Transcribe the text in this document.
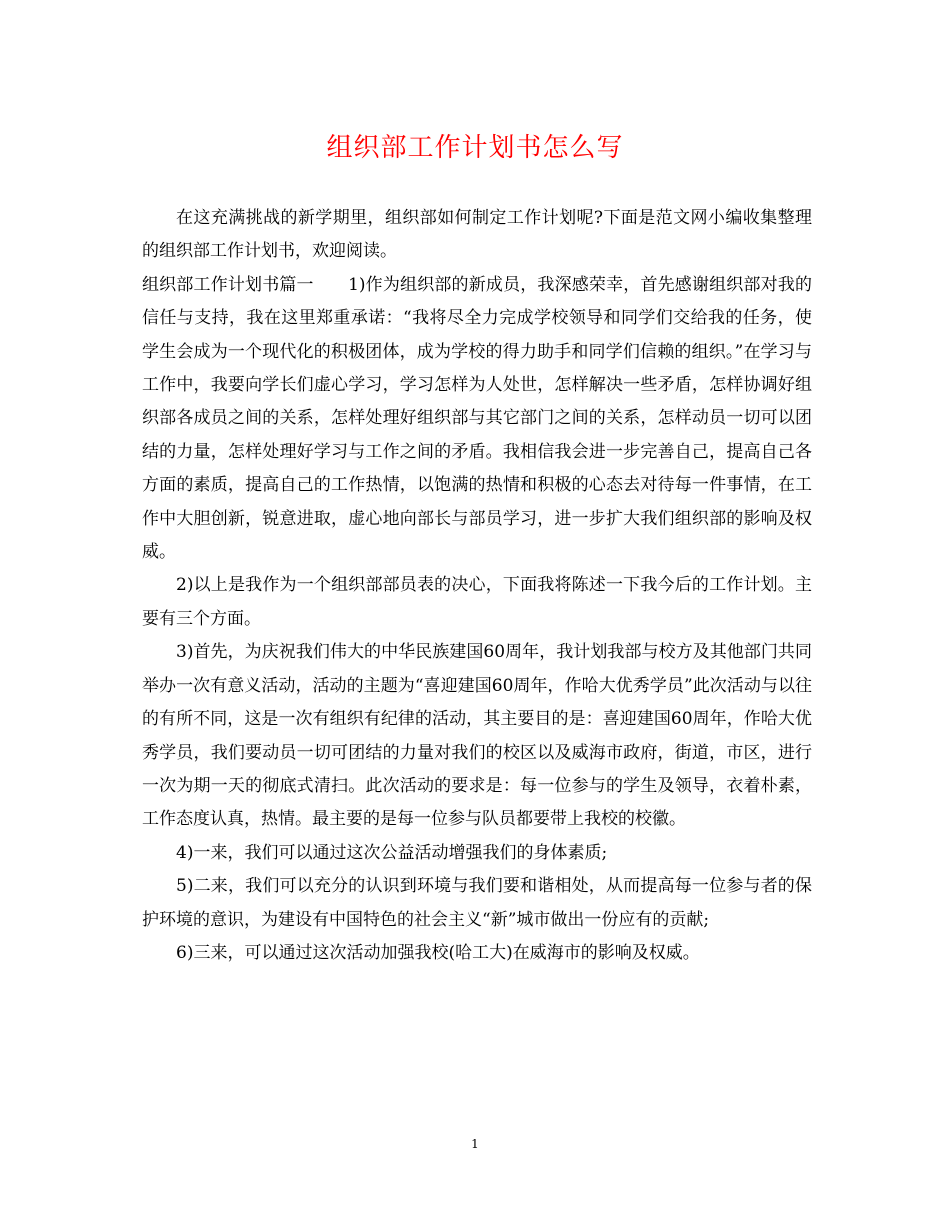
组织部工作计划书怎么写

在这充满挑战的新学期里，组织部如何制定工作计划呢?下面是范文网小编收集整理的组织部工作计划书，欢迎阅读。

组织部工作计划书篇一　　1)作为组织部的新成员，我深感荣幸，首先感谢组织部对我的信任与支持，我在这里郑重承诺：“我将尽全力完成学校领导和同学们交给我的任务，使学生会成为一个现代化的积极团体，成为学校的得力助手和同学们信赖的组织。”在学习与工作中，我要向学长们虚心学习，学习怎样为人处世，怎样解决一些矛盾，怎样协调好组织部各成员之间的关系，怎样处理好组织部与其它部门之间的关系，怎样动员一切可以团结的力量，怎样处理好学习与工作之间的矛盾。我相信我会进一步完善自己，提高自己各方面的素质，提高自己的工作热情，以饱满的热情和积极的心态去对待每一件事情，在工作中大胆创新，锐意进取，虚心地向部长与部员学习，进一步扩大我们组织部的影响及权威。

2)以上是我作为一个组织部部员表的决心，下面我将陈述一下我今后的工作计划。主要有三个方面。

3)首先，为庆祝我们伟大的中华民族建国60周年，我计划我部与校方及其他部门共同举办一次有意义活动，活动的主题为“喜迎建国60周年，作哈大优秀学员”此次活动与以往的有所不同，这是一次有组织有纪律的活动，其主要目的是：喜迎建国60周年，作哈大优秀学员，我们要动员一切可团结的力量对我们的校区以及威海市政府，街道，市区，进行一次为期一天的彻底式清扫。此次活动的要求是：每一位参与的学生及领导，衣着朴素，工作态度认真，热情。最主要的是每一位参与队员都要带上我校的校徽。

4)一来，我们可以通过这次公益活动增强我们的身体素质;

5)二来，我们可以充分的认识到环境与我们要和谐相处，从而提高每一位参与者的保护环境的意识，为建设有中国特色的社会主义“新”城市做出一份应有的贡献;

6)三来，可以通过这次活动加强我校(哈工大)在威海市的影响及权威。

1
